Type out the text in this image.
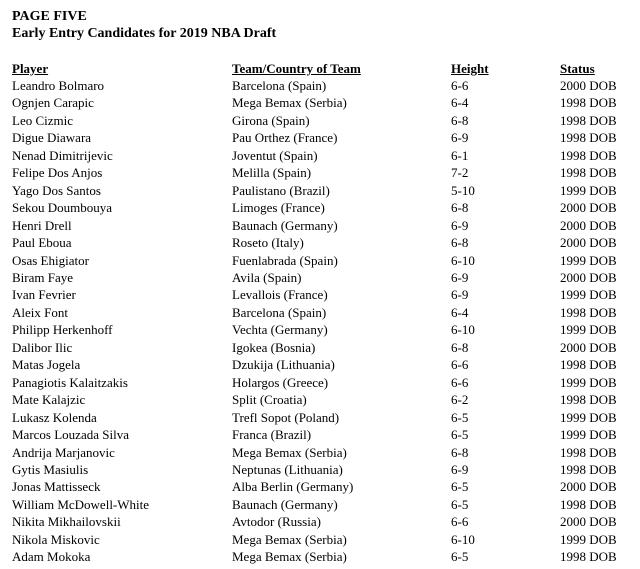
PAGE FIVE
Early Entry Candidates for 2019 NBA Draft
Player	Team/Country of Team	Height	Status
Leandro Bolmaro	Barcelona (Spain)	6-6	2000 DOB
Ognjen Carapic	Mega Bemax (Serbia)	6-4	1998 DOB
Leo Cizmic	Girona (Spain)	6-8	1998 DOB
Digue Diawara	Pau Orthez (France)	6-9	1998 DOB
Nenad Dimitrijevic	Joventut (Spain)	6-1	1998 DOB
Felipe Dos Anjos	Melilla (Spain)	7-2	1998 DOB
Yago Dos Santos	Paulistano (Brazil)	5-10	1999 DOB
Sekou Doumbouya	Limoges (France)	6-8	2000 DOB
Henri Drell	Baunach (Germany)	6-9	2000 DOB
Paul Eboua	Roseto (Italy)	6-8	2000 DOB
Osas Ehigiator	Fuenlabrada (Spain)	6-10	1999 DOB
Biram Faye	Avila (Spain)	6-9	2000 DOB
Ivan Fevrier	Levallois (France)	6-9	1999 DOB
Aleix Font	Barcelona (Spain)	6-4	1998 DOB
Philipp Herkenhoff	Vechta (Germany)	6-10	1999 DOB
Dalibor Ilic	Igokea (Bosnia)	6-8	2000 DOB
Matas Jogela	Dzukija (Lithuania)	6-6	1998 DOB
Panagiotis Kalaitzakis	Holargos (Greece)	6-6	1999 DOB
Mate Kalajzic	Split (Croatia)	6-2	1998 DOB
Lukasz Kolenda	Trefl Sopot (Poland)	6-5	1999 DOB
Marcos Louzada Silva	Franca (Brazil)	6-5	1999 DOB
Andrija Marjanovic	Mega Bemax (Serbia)	6-8	1998 DOB
Gytis Masiulis	Neptunas (Lithuania)	6-9	1998 DOB
Jonas Mattisseck	Alba Berlin (Germany)	6-5	2000 DOB
William McDowell-White	Baunach (Germany)	6-5	1998 DOB
Nikita Mikhailovskii	Avtodor (Russia)	6-6	2000 DOB
Nikola Miskovic	Mega Bemax (Serbia)	6-10	1999 DOB
Adam Mokoka	Mega Bemax (Serbia)	6-5	1998 DOB
